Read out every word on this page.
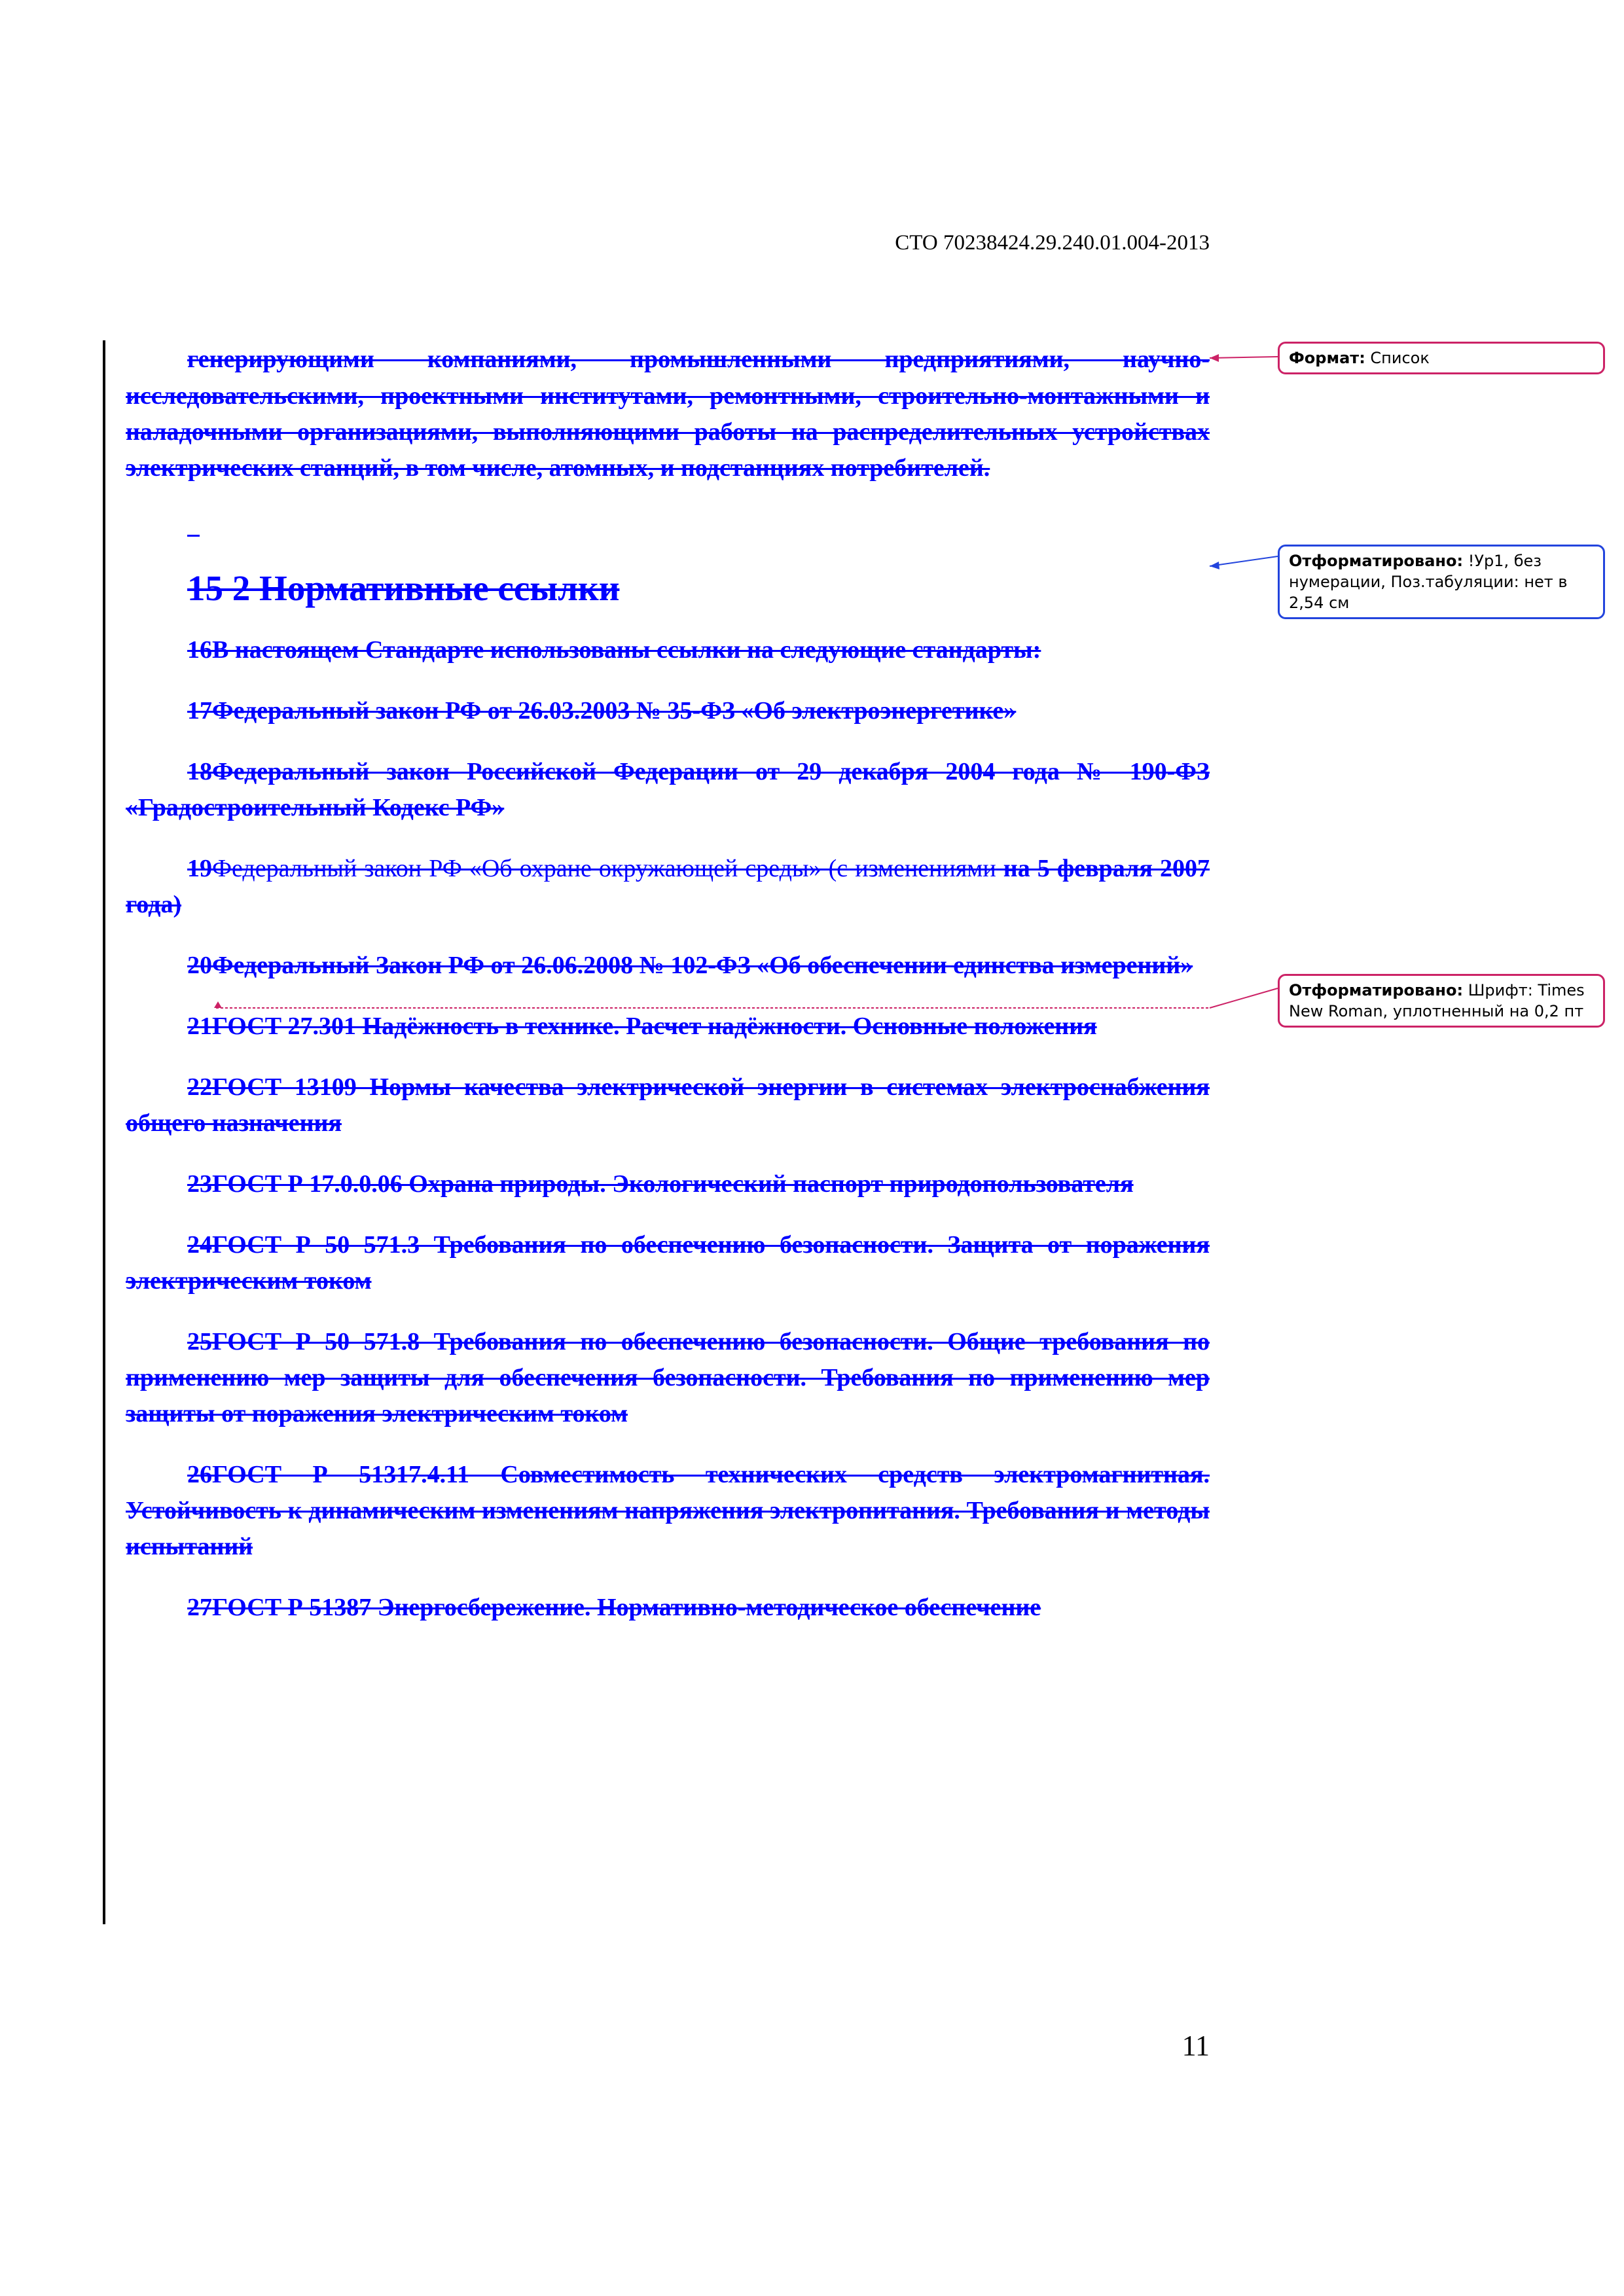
СТО 70238424.29.240.01.004-2013

генерирующими компаниями, промышленными предприятиями, научно-исследовательскими, проектными институтами, ремонтными, строительно-монтажными и наладочными организациями, выполняющими работы на распределительных устройствах электрических станций, в том числе, атомных, и подстанциях потребителей.

15 2 Нормативные ссылки

16В настоящем Стандарте использованы ссылки на следующие стандарты:

17Федеральный закон РФ от 26.03.2003 № 35-ФЗ «Об электроэнергетике»

18Федеральный закон Российской Федерации от 29 декабря 2004 года № 190-ФЗ «Градостроительный Кодекс РФ»

19Федеральный закон РФ «Об охране окружающей среды» (с изменениями на 5 февраля 2007 года)

20Федеральный Закон РФ от 26.06.2008 № 102-ФЗ «Об обеспечении единства измерений»

21ГОСТ 27.301 Надёжность в технике. Расчет надёжности. Основные положения

22ГОСТ 13109 Нормы качества электрической энергии в системах электроснабжения общего назначения

23ГОСТ Р 17.0.0.06 Охрана природы. Экологический паспорт природопользователя

24ГОСТ Р 50 571.3 Требования по обеспечению безопасности. Защита от поражения электрическим током

25ГОСТ Р 50 571.8 Требования по обеспечению безопасности. Общие требования по применению мер защиты для обеспечения безопасности. Требования по применению мер защиты от поражения электрическим током

26ГОСТ Р 51317.4.11 Совместимость технических средств электромагнитная. Устойчивость к динамическим изменениям напряжения электропитания. Требования и методы испытаний

27ГОСТ Р 51387 Энергосбережение. Нормативно-методическое обеспечение

Формат: Список
Отформатировано: !Ур1, без нумерации, Поз.табуляции: нет в 2,54 см
Отформатировано: Шрифт: Times New Roman, уплотненный на 0,2 пт
11
